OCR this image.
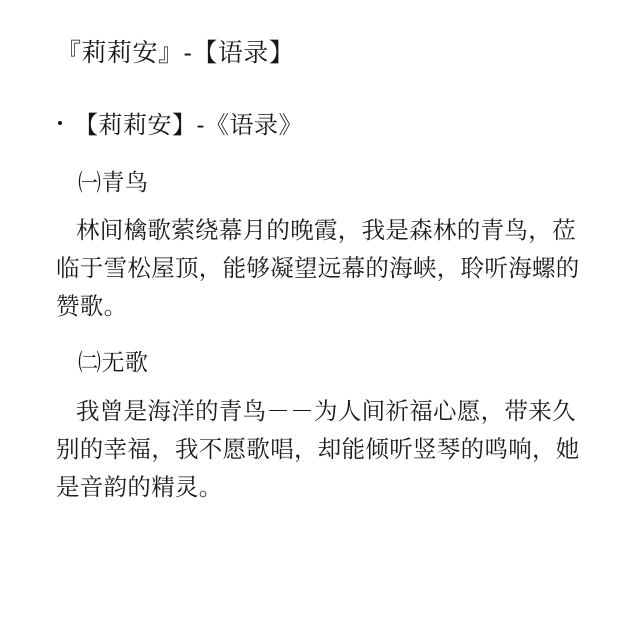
『莉莉安』-【语录】
【莉莉安】-《语录》
㈠青鸟

林间檎歌萦绕幕月的晚霞，我是森林的青鸟，莅临于雪松屋顶，能够凝望远幕的海峡，聆听海螺的赞歌。

㈡无歌

我曾是海洋的青鸟－－为人间祈福心愿，带来久别的幸福，我不愿歌唱，却能倾听竖琴的鸣响，她是音韵的精灵。
